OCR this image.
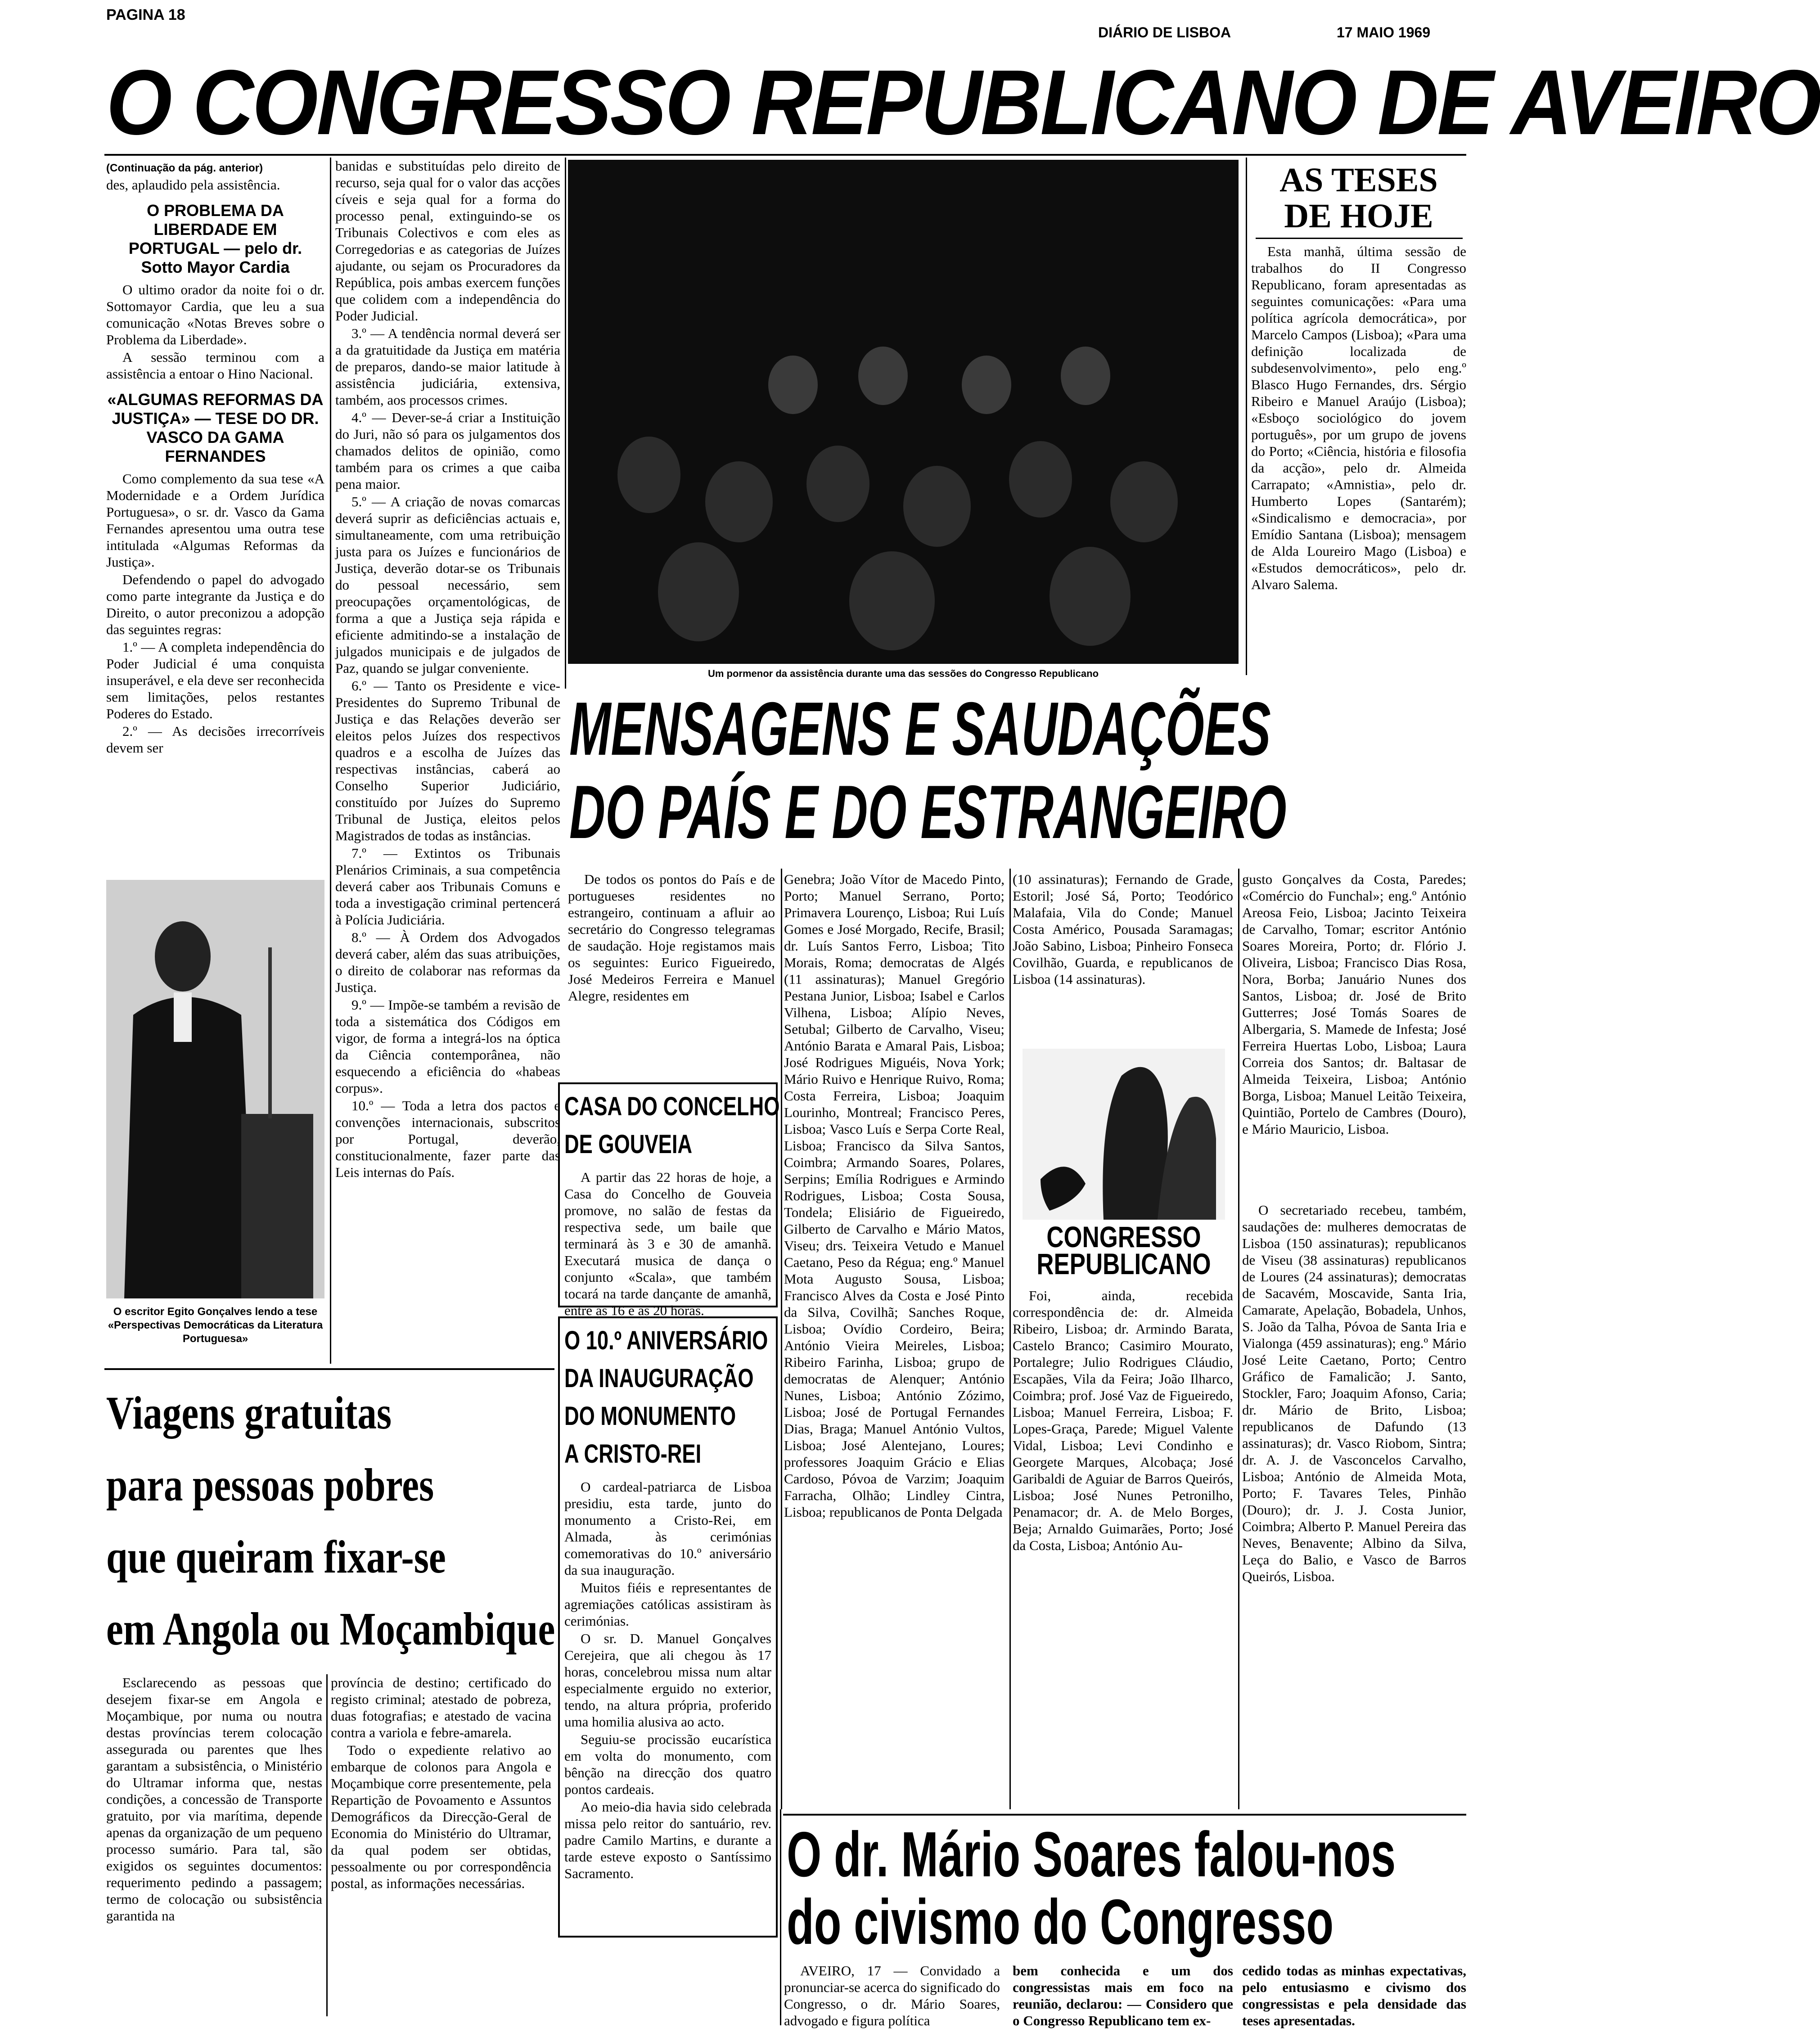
PAGINA 18
DIÁRIO DE LISBOA	17 MAIO 1969
O CONGRESSO REPUBLICANO DE AVEIRO
(Continuação da pág. anterior)

des, aplaudido pela assistência.

O PROBLEMA DA LIBERDADE EM PORTUGAL — pelo dr. Sotto Mayor Cardia

O ultimo orador da noite foi o dr. Sottomayor Cardia, que leu a sua comunicação «Notas Breves sobre o Problema da Liberdade».

A sessão terminou com a assistência a entoar o Hino Nacional.

«ALGUMAS REFORMAS DA JUSTIÇA» — TESE DO DR. VASCO DA GAMA FERNANDES

Como complemento da sua tese «A Modernidade e a Ordem Jurídica Portuguesa», o sr. dr. Vasco da Gama Fernandes apresentou uma outra tese intitulada «Algumas Reformas da Justiça».

Defendendo o papel do advogado como parte integrante da Justiça e do Direito, o autor preconizou a adopção das seguintes regras:

1.º — A completa independência do Poder Judicial é uma conquista insuperável, e ela deve ser reconhecida sem limitações, pelos restantes Poderes do Estado.

2.º — As decisões irrecorríveis devem ser

O escritor Egito Gonçalves lendo a tese «Perspectivas Democráticas da Literatura Portuguesa»

banidas e substituídas pelo direito de recurso, seja qual for o valor das acções cíveis e seja qual for a forma do processo penal, extinguindo-se os Tribunais Colectivos e com eles as Corregedorias e as categorias de Juízes ajudante, ou sejam os Procuradores da República, pois ambas exercem funções que colidem com a independência do Poder Judicial.

3.º — A tendência normal deverá ser a da gratuitidade da Justiça em matéria de preparos, dando-se maior latitude à assistência judiciária, extensiva, também, aos processos crimes.

4.º — Dever-se-á criar a Instituição do Juri, não só para os julgamentos dos chamados delitos de opinião, como também para os crimes a que caiba pena maior.

5.º — A criação de novas comarcas deverá suprir as deficiências actuais e, simultaneamente, com uma retribuição justa para os Juízes e funcionários de Justiça, deverão dotar-se os Tribunais do pessoal necessário, sem preocupações orçamentológicas, de forma a que a Justiça seja rápida e eficiente admitindo-se a instalação de julgados municipais e de julgados de Paz, quando se julgar conveniente.

6.º — Tanto os Presidente e vice-Presidentes do Supremo Tribunal de Justiça e das Relações deverão ser eleitos pelos Juízes dos respectivos quadros e a escolha de Juízes das respectivas instâncias, caberá ao Conselho Superior Judiciário, constituído por Juízes do Supremo Tribunal de Justiça, eleitos pelos Magistrados de todas as instâncias.

7.º — Extintos os Tribunais Plenários Criminais, a sua competência deverá caber aos Tribunais Comuns e toda a investigação criminal pertencerá à Polícia Judiciária.

8.º — À Ordem dos Advogados deverá caber, além das suas atribuições, o direito de colaborar nas reformas da Justiça.

9.º — Impõe-se também a revisão de toda a sistemática dos Códigos em vigor, de forma a integrá-los na óptica da Ciência contemporânea, não esquecendo a eficiência do «habeas corpus».

10.º — Toda a letra dos pactos e convenções internacionais, subscritos por Portugal, deverão, constitucionalmente, fazer parte das Leis internas do País.

Um pormenor da assistência durante uma das sessões do Congresso Republicano
AS TESES
DE HOJE

Esta manhã, última sessão de trabalhos do II Congresso Republicano, foram apresentadas as seguintes comunicações: «Para uma política agrícola democrática», por Marcelo Campos (Lisboa); «Para uma definição localizada de subdesenvolvimento», pelo eng.º Blasco Hugo Fernandes, drs. Sérgio Ribeiro e Manuel Araújo (Lisboa); «Esboço sociológico do jovem português», por um grupo de jovens do Porto; «Ciência, história e filosofia da acção», pelo dr. Almeida Carrapato; «Amnistia», pelo dr. Humberto Lopes (Santarém); «Sindicalismo e democracia», por Emídio Santana (Lisboa); mensagem de Alda Loureiro Mago (Lisboa) e «Estudos democráticos», pelo dr. Alvaro Salema.

MENSAGENS E SAUDAÇÕES
DO PAÍS E DO ESTRANGEIRO

De todos os pontos do País e de portugueses residentes no estrangeiro, continuam a afluir ao secretário do Congresso telegramas de saudação. Hoje registamos mais os seguintes: Eurico Figueiredo, José Medeiros Ferreira e Manuel Alegre, residentes em

CASA DO CONCELHO
DE GOUVEIA

A partir das 22 horas de hoje, a Casa do Concelho de Gouveia promove, no salão de festas da respectiva sede, um baile que terminará às 3 e 30 de amanhã. Executará musica de dança o conjunto «Scala», que também tocará na tarde dançante de amanhã, entre as 16 e as 20 horas.

O 10.º ANIVERSÁRIO
DA INAUGURAÇÃO
DO MONUMENTO
A CRISTO-REI

O cardeal-patriarca de Lisboa presidiu, esta tarde, junto do monumento a Cristo-Rei, em Almada, às cerimónias comemorativas do 10.º aniversário da sua inauguração.

Muitos fiéis e representantes de agremiações católicas assistiram às cerimónias.

O sr. D. Manuel Gonçalves Cerejeira, que ali chegou às 17 horas, concelebrou missa num altar especialmente erguido no exterior, tendo, na altura própria, proferido uma homilia alusiva ao acto.

Seguiu-se procissão eucarística em volta do monumento, com bênção na direcção dos quatro pontos cardeais.

Ao meio-dia havia sido celebrada missa pelo reitor do santuário, rev. padre Camilo Martins, e durante a tarde esteve exposto o Santíssimo Sacramento.

Genebra; João Vítor de Macedo Pinto, Porto; Manuel Serrano, Porto; Primavera Lourenço, Lisboa; Rui Luís Gomes e José Morgado, Recife, Brasil; dr. Luís Santos Ferro, Lisboa; Tito Morais, Roma; democratas de Algés (11 assinaturas); Manuel Gregório Pestana Junior, Lisboa; Isabel e Carlos Vilhena, Lisboa; Alípio Neves, Setubal; Gilberto de Carvalho, Viseu; António Barata e Amaral Pais, Lisboa; José Rodrigues Miguéis, Nova York; Mário Ruivo e Henrique Ruivo, Roma; Costa Ferreira, Lisboa; Joaquim Lourinho, Montreal; Francisco Peres, Lisboa; Vasco Luís e Serpa Corte Real, Lisboa; Francisco da Silva Santos, Coimbra; Armando Soares, Polares, Serpins; Emília Rodrigues e Armindo Rodrigues, Lisboa; Costa Sousa, Tondela; Elisiário de Figueiredo, Gilberto de Carvalho e Mário Matos, Viseu; drs. Teixeira Vetudo e Manuel Caetano, Peso da Régua; eng.º Manuel Mota Augusto Sousa, Lisboa; Francisco Alves da Costa e José Pinto da Silva, Covilhã; Sanches Roque, Lisboa; Ovídio Cordeiro, Beira; António Vieira Meireles, Lisboa; Ribeiro Farinha, Lisboa; grupo de democratas de Alenquer; António Nunes, Lisboa; António Zózimo, Lisboa; José de Portugal Fernandes Dias, Braga; Manuel António Vultos, Lisboa; José Alentejano, Loures; professores Joaquim Grácio e Elias Cardoso, Póvoa de Varzim; Joaquim Farracha, Olhão; Lindley Cintra, Lisboa; republicanos de Ponta Delgada

(10 assinaturas); Fernando de Grade, Estoril; José Sá, Porto; Teodórico Malafaia, Vila do Conde; Manuel Costa Américo, Pousada Saramagas; João Sabino, Lisboa; Pinheiro Fonseca Covilhão, Guarda, e republicanos de Lisboa (14 assinaturas).

CONGRESSO
REPUBLICANO

Foi, ainda, recebida correspondência de: dr. Almeida Ribeiro, Lisboa; dr. Armindo Barata, Castelo Branco; Casimiro Mourato, Portalegre; Julio Rodrigues Cláudio, Escapães, Vila da Feira; João Ilharco, Coimbra; prof. José Vaz de Figueiredo, Lisboa; Manuel Ferreira, Lisboa; F. Lopes-Graça, Parede; Miguel Valente Vidal, Lisboa; Levi Condinho e Georgete Marques, Alcobaça; José Garibaldi de Aguiar de Barros Queirós, Lisboa; José Nunes Petronilho, Penamacor; dr. A. de Melo Borges, Beja; Arnaldo Guimarães, Porto; José da Costa, Lisboa; António Au-

gusto Gonçalves da Costa, Paredes; «Comércio do Funchal»; eng.º António Areosa Feio, Lisboa; Jacinto Teixeira de Carvalho, Tomar; escritor António Soares Moreira, Porto; dr. Flório J. Oliveira, Lisboa; Francisco Dias Rosa, Nora, Borba; Januário Nunes dos Santos, Lisboa; dr. José de Brito Gutterres; José Tomás Soares de Albergaria, S. Mamede de Infesta; José Ferreira Huertas Lobo, Lisboa; Laura Correia dos Santos; dr. Baltasar de Almeida Teixeira, Lisboa; António Borga, Lisboa; Manuel Leitão Teixeira, Quintião, Portelo de Cambres (Douro), e Mário Mauricio, Lisboa.

O secretariado recebeu, também, saudações de: mulheres democratas de Lisboa (150 assinaturas); republicanos de Viseu (38 assinaturas) republicanos de Loures (24 assinaturas); democratas de Sacavém, Moscavide, Santa Iria, Camarate, Apelação, Bobadela, Unhos, S. João da Talha, Póvoa de Santa Iria e Vialonga (459 assinaturas); eng.º Mário José Leite Caetano, Porto; Centro Gráfico de Famalicão; J. Santo, Stockler, Faro; Joaquim Afonso, Caria; dr. Mário de Brito, Lisboa; republicanos de Dafundo (13 assinaturas); dr. Vasco Riobom, Sintra; dr. A. J. de Vasconcelos Carvalho, Lisboa; António de Almeida Mota, Porto; F. Tavares Teles, Pinhão (Douro); dr. J. J. Costa Junior, Coimbra; Alberto P. Manuel Pereira das Neves, Benavente; Albino da Silva, Leça do Balio, e Vasco de Barros Queirós, Lisboa.

Viagens gratuitas
para pessoas pobres
que queiram fixar-se
em Angola ou Moçambique

Esclarecendo as pessoas que desejem fixar-se em Angola e Moçambique, por numa ou noutra destas províncias terem colocação assegurada ou parentes que lhes garantam a subsistência, o Ministério do Ultramar informa que, nestas condições, a concessão de Transporte gratuito, por via marítima, depende apenas da organização de um pequeno processo sumário. Para tal, são exigidos os seguintes documentos: requerimento pedindo a passagem; termo de colocação ou subsistência garantida na

província de destino; certificado do registo criminal; atestado de pobreza, duas fotografias; e atestado de vacina contra a variola e febre-amarela.

Todo o expediente relativo ao embarque de colonos para Angola e Moçambique corre presentemente, pela Repartição de Povoamento e Assuntos Demográficos da Direcção-Geral de Economia do Ministério do Ultramar, da qual podem ser obtidas, pessoalmente ou por correspondência postal, as informações necessárias.	O dr. Mário Soares falou-nos
do civismo do Congresso

AVEIRO, 17 — Convidado a pronunciar-se acerca do significado do Congresso, o dr. Mário Soares, advogado e figura política

bem conhecida e um dos congressistas mais em foco na reunião, declarou: — Considero que o Congresso Republicano tem ex-

cedido todas as minhas expectativas, pelo entusiasmo e civismo dos congressistas e pela densidade das teses apresentadas.
